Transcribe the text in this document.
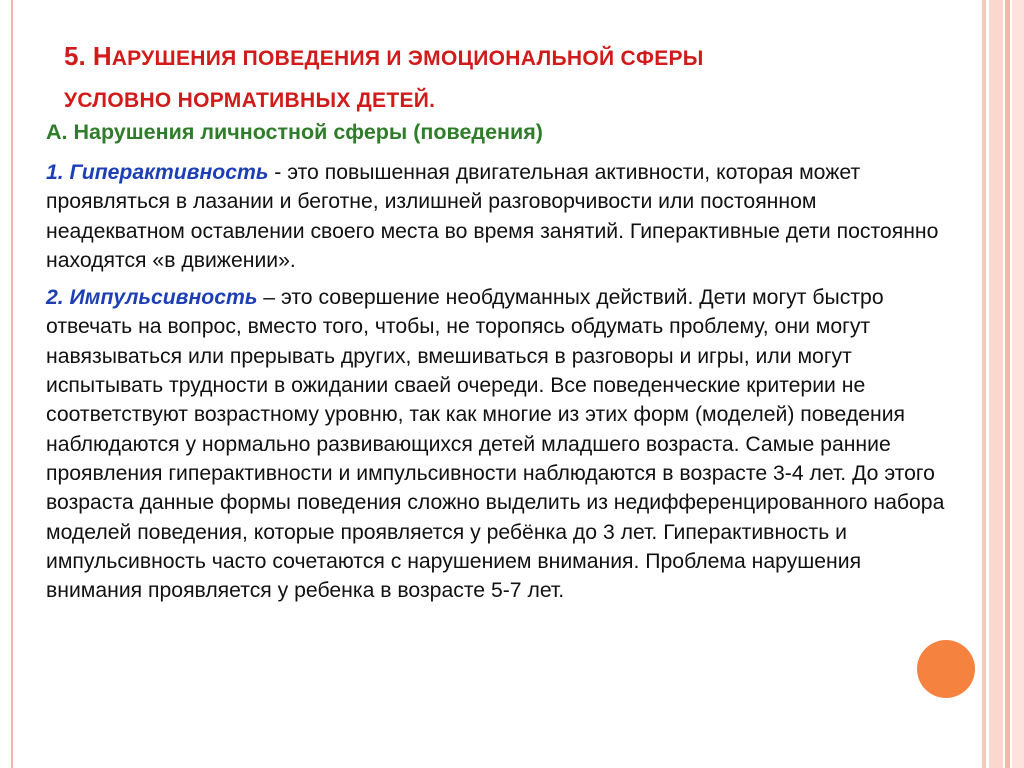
5. НАРУШЕНИЯ ПОВЕДЕНИЯ И ЭМОЦИОНАЛЬНОЙ СФЕРЫ
УСЛОВНО НОРМАТИВНЫХ ДЕТЕЙ.
А. Нарушения личностной сферы (поведения)

1. Гиперактивность - это повышенная двигательная активности, которая может проявляться в лазании и беготне, излишней разговорчивости или постоянном неадекватном оставлении своего места во время занятий. Гиперактивные дети постоянно находятся «в движении».

2. Импульсивность – это совершение необдуманных действий. Дети могут быстро отвечать на вопрос, вместо того, чтобы, не торопясь обдумать проблему, они могут навязываться или прерывать других, вмешиваться в разговоры и игры, или могут испытывать трудности в ожидании сваей очереди. Все поведенческие критерии не соответствуют возрастному уровню, так как многие из этих форм (моделей) поведения наблюдаются у нормально развивающихся детей младшего возраста. Самые ранние проявления гиперактивности и импульсивности наблюдаются в возрасте 3-4 лет. До этого возраста данные формы поведения сложно выделить из недифференцированного набора моделей поведения, которые проявляется у ребёнка до 3 лет. Гиперактивность и импульсивность часто сочетаются с нарушением внимания. Проблема нарушения внимания проявляется у ребенка в возрасте 5-7 лет.
